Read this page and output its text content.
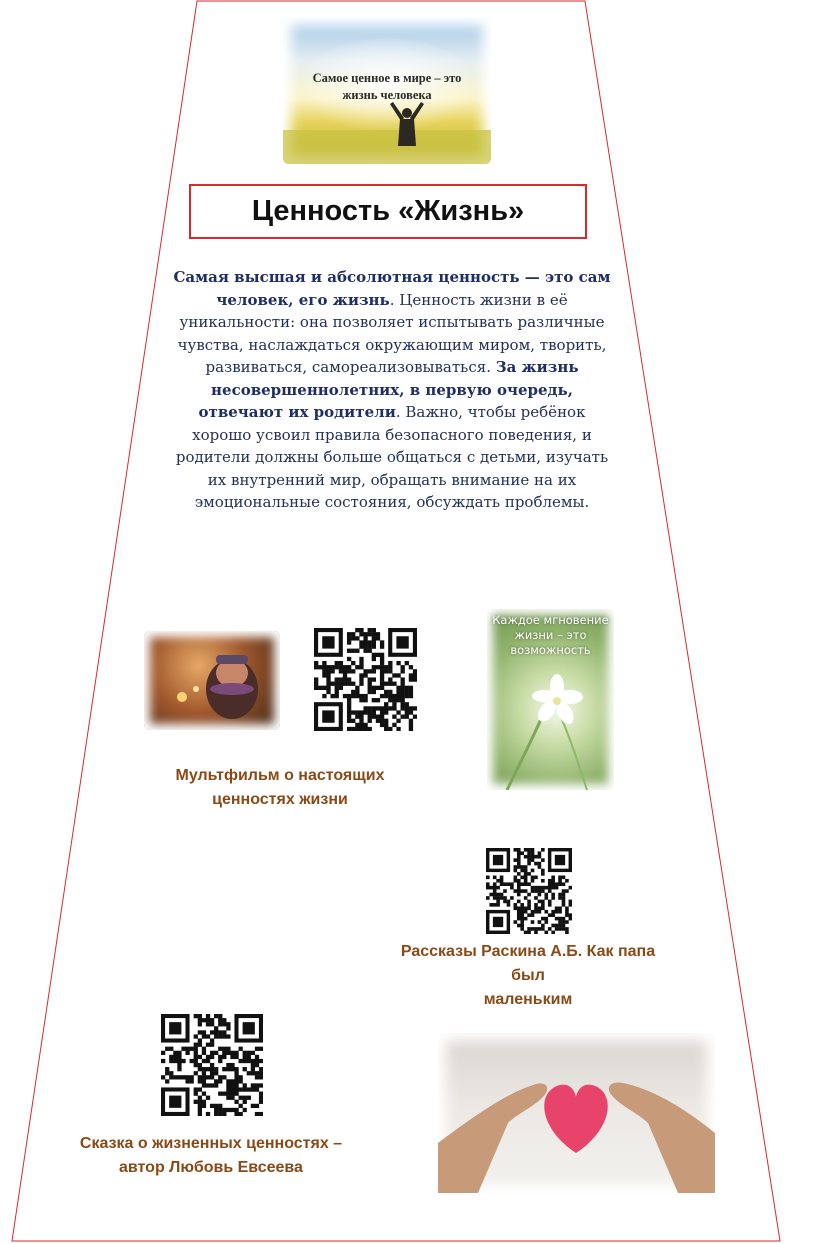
Самое ценное в мире – это жизнь человека
Ценность «Жизнь»
Самая высшая и абсолютная ценность — это сам человек, его жизнь. Ценность жизни в её уникальности: она позволяет испытывать различные чувства, наслаждаться окружающим миром, творить, развиваться, самореализовываться. За жизнь несовершеннолетних, в первую очередь, отвечают их родители. Важно, чтобы ребёнок хорошо усвоил правила безопасного поведения, и родители должны больше общаться с детьми, изучать их внутренний мир, обращать внимание на их эмоциональные состояния, обсуждать проблемы.
Каждое мгновение жизни – это возможность
Мультфильм о настоящих
ценностях жизни
Рассказы Раскина А.Б. Как папа
был
маленьким
Сказка о жизненных ценностях –
автор Любовь Евсеева
